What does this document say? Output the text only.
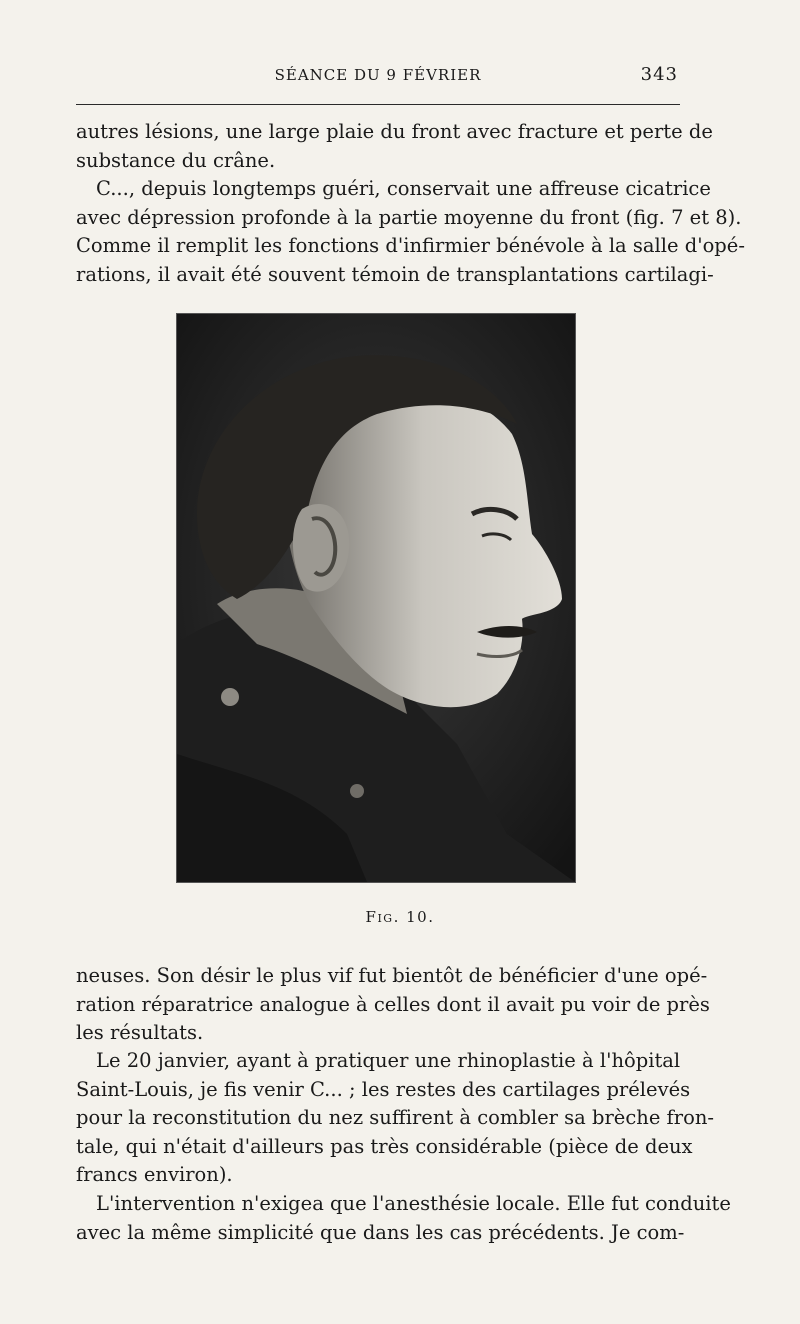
SÉANCE DU 9 FÉVRIER	343
autres lésions, une large plaie du front avec fracture et perte de
substance du crâne.
C..., depuis longtemps guéri, conservait une affreuse cicatrice
avec dépression profonde à la partie moyenne du front (fig. 7 et 8).
Comme il remplit les fonctions d'infirmier bénévole à la salle d'opé-
rations, il avait été souvent témoin de transplantations cartilagi-
Fig. 10.
neuses. Son désir le plus vif fut bientôt de bénéficier d'une opé-
ration réparatrice analogue à celles dont il avait pu voir de près
les résultats.
Le 20 janvier, ayant à pratiquer une rhinoplastie à l'hôpital
Saint-Louis, je fis venir C... ; les restes des cartilages prélevés
pour la reconstitution du nez suffirent à combler sa brèche fron-
tale, qui n'était d'ailleurs pas très considérable (pièce de deux
francs environ).
L'intervention n'exigea que l'anesthésie locale. Elle fut conduite
avec la même simplicité que dans les cas précédents. Je com-
